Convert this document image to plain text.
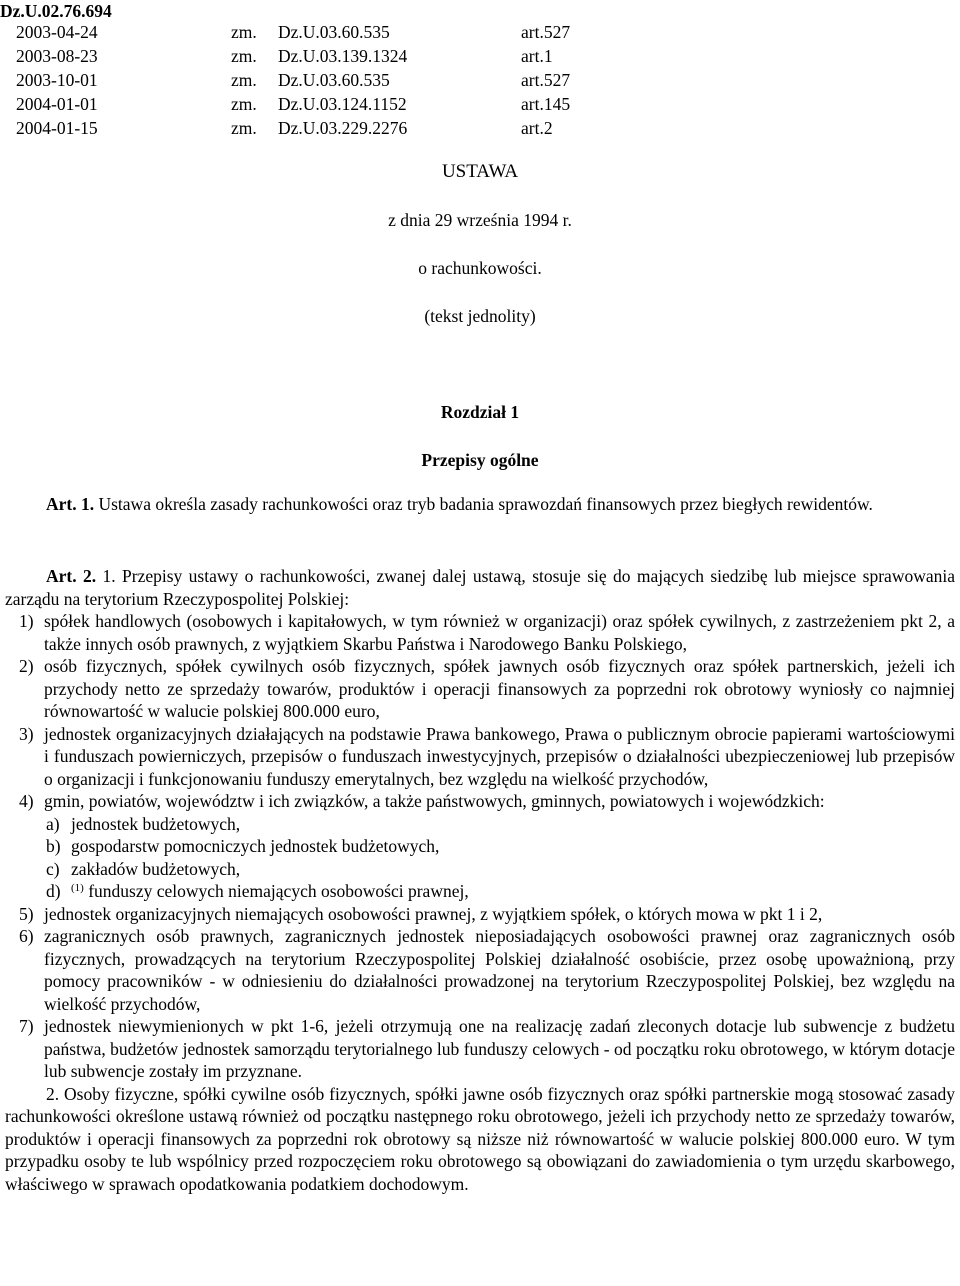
Dz.U.02.76.694
2003-04-24	zm. Dz.U.03.60.535	art.527
2003-08-23	zm. Dz.U.03.139.1324	art.1
2003-10-01	zm. Dz.U.03.60.535	art.527
2004-01-01	zm. Dz.U.03.124.1152	art.145
2004-01-15	zm. Dz.U.03.229.2276	art.2
USTAWA
z dnia 29 września 1994 r.
o rachunkowości.
(tekst jednolity)
Rozdział 1
Przepisy ogólne
Art. 1. Ustawa określa zasady rachunkowości oraz tryb badania sprawozdań finansowych przez biegłych rewidentów.
Art. 2. 1. Przepisy ustawy o rachunkowości, zwanej dalej ustawą, stosuje się do mających siedzibę lub miejsce sprawowania zarządu na terytorium Rzeczypospolitej Polskiej:
1) spółek handlowych (osobowych i kapitałowych, w tym również w organizacji) oraz spółek cywilnych, z zastrzeżeniem pkt 2, a także innych osób prawnych, z wyjątkiem Skarbu Państwa i Narodowego Banku Polskiego,
2) osób fizycznych, spółek cywilnych osób fizycznych, spółek jawnych osób fizycznych oraz spółek partnerskich, jeżeli ich przychody netto ze sprzedaży towarów, produktów i operacji finansowych za poprzedni rok obrotowy wyniosły co najmniej równowartość w walucie polskiej 800.000 euro,
3) jednostek organizacyjnych działających na podstawie Prawa bankowego, Prawa o publicznym obrocie papierami wartościowymi i funduszach powierniczych, przepisów o funduszach inwestycyjnych, przepisów o działalności ubezpieczeniowej lub przepisów o organizacji i funkcjonowaniu funduszy emerytalnych, bez względu na wielkość przychodów,
4) gmin, powiatów, województw i ich związków, a także państwowych, gminnych, powiatowych i wojewódzkich:
a) jednostek budżetowych,
b) gospodarstw pomocniczych jednostek budżetowych,
c) zakładów budżetowych,
d) $^{(1)}$ funduszy celowych niemających osobowości prawnej,
5) jednostek organizacyjnych niemających osobowości prawnej, z wyjątkiem spółek, o których mowa w pkt 1 i 2,
6) zagranicznych osób prawnych, zagranicznych jednostek nieposiadających osobowości prawnej oraz zagranicznych osób fizycznych, prowadzących na terytorium Rzeczypospolitej Polskiej działalność osobiście, przez osobę upoważnioną, przy pomocy pracowników - w odniesieniu do działalności prowadzonej na terytorium Rzeczypospolitej Polskiej, bez względu na wielkość przychodów,
7) jednostek niewymienionych w pkt 1-6, jeżeli otrzymują one na realizację zadań zleconych dotacje lub subwencje z budżetu państwa, budżetów jednostek samorządu terytorialnego lub funduszy celowych - od początku roku obrotowego, w którym dotacje lub subwencje zostały im przyznane.
2. Osoby fizyczne, spółki cywilne osób fizycznych, spółki jawne osób fizycznych oraz spółki partnerskie mogą stosować zasady rachunkowości określone ustawą również od początku następnego roku obrotowego, jeżeli ich przychody netto ze sprzedaży towarów, produktów i operacji finansowych za poprzedni rok obrotowy są niższe niż równowartość w walucie polskiej 800.000 euro. W tym przypadku osoby te lub wspólnicy przed rozpoczęciem roku obrotowego są obowiązani do zawiadomienia o tym urzędu skarbowego, właściwego w sprawach opodatkowania podatkiem dochodowym.
